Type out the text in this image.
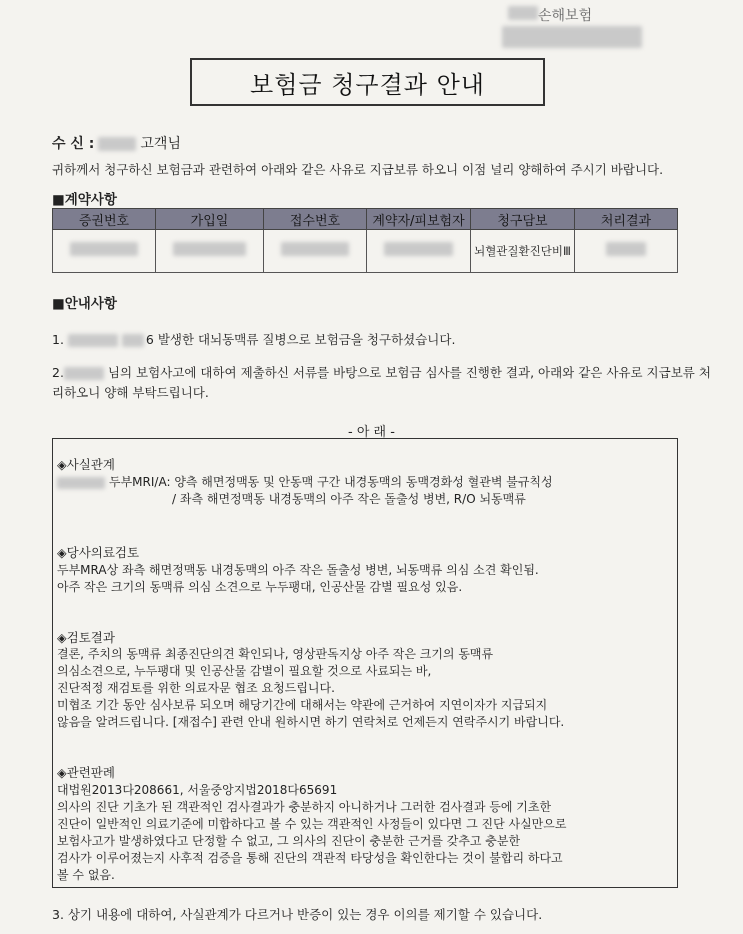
손해보험
보험금 청구결과 안내
수 신 :	고객님
귀하께서 청구하신 보험금과 관련하여 아래와 같은 사유로 지급보류 하오니 이점 널리 양해하여 주시기 바랍니다.
■계약사항
증권번호	가입일	접수번호	계약자/피보험자	청구담보	처리결과
				뇌혈관질환진단비Ⅲ	
■안내사항
1.	6 발생한 대뇌동맥류 질병으로 보험금을 청구하셨습니다.
2.	님의 보험사고에 대하여 제출하신 서류를 바탕으로 보험금 심사를 진행한 결과, 아래와 같은 사유로 지급보류 처
리하오니 양해 부탁드립니다.
- 아 래 -
◈사실관계
두부MRI/A: 양측 해면정맥동 및 안동맥 구간 내경동맥의 동맥경화성 혈관벽 불규칙성
/ 좌측 해면정맥동 내경동맥의 아주 작은 돌출성 병변, R/O 뇌동맥류
◈당사의료검토
두부MRA상 좌측 해면정맥동 내경동맥의 아주 작은 돌출성 병변, 뇌동맥류 의심 소견 확인됨.
아주 작은 크기의 동맥류 의심 소견으로 누두팽대, 인공산물 감별 필요성 있음.
◈검토결과
결론, 주치의 동맥류 최종진단의견 확인되나, 영상판독지상 아주 작은 크기의 동맥류
의심소견으로, 누두팽대 및 인공산물 감별이 필요할 것으로 사료되는 바,
진단적정 재검토를 위한 의료자문 협조 요청드립니다.
미협조 기간 동안 심사보류 되오며 해당기간에 대해서는 약관에 근거하여 지연이자가 지급되지
않음을 알려드립니다. [재접수] 관련 안내 원하시면 하기 연락처로 언제든지 연락주시기 바랍니다.
◈관련판례
대법원2013다208661, 서울중앙지법2018다65691
의사의 진단 기초가 된 객관적인 검사결과가 충분하지 아니하거나 그러한 검사결과 등에 기초한
진단이 일반적인 의료기준에 미합하다고 볼 수 있는 객관적인 사정들이 있다면 그 진단 사실만으로
보험사고가 발생하였다고 단정할 수 없고, 그 의사의 진단이 충분한 근거를 갖추고 충분한
검사가 이루어졌는지 사후적 검증을 통해 진단의 객관적 타당성을 확인한다는 것이 불합리 하다고
볼 수 없음.
3. 상기 내용에 대하여, 사실관계가 다르거나 반증이 있는 경우 이의를 제기할 수 있습니다.
